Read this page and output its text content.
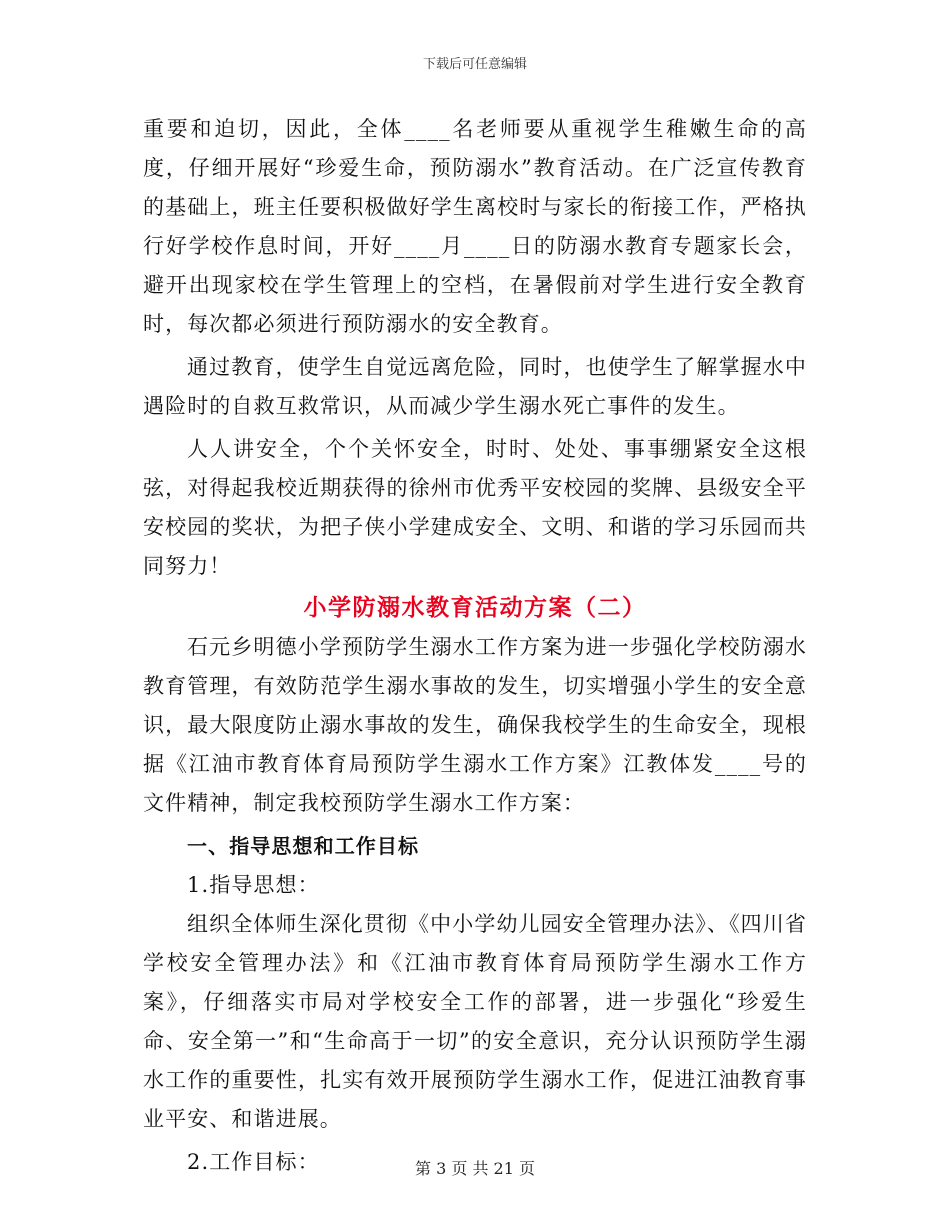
下载后可任意编辑

重要和迫切，因此，全体____名老师要从重视学生稚嫩生命的高度，仔细开展好“珍爱生命，预防溺水”教育活动。在广泛宣传教育的基础上，班主任要积极做好学生离校时与家长的衔接工作，严格执行好学校作息时间，开好____月____日的防溺水教育专题家长会，避开出现家校在学生管理上的空档，在暑假前对学生进行安全教育时，每次都必须进行预防溺水的安全教育。

通过教育，使学生自觉远离危险，同时，也使学生了解掌握水中遇险时的自救互救常识，从而减少学生溺水死亡事件的发生。

人人讲安全，个个关怀安全，时时、处处、事事绷紧安全这根弦，对得起我校近期获得的徐州市优秀平安校园的奖牌、县级安全平安校园的奖状，为把子侠小学建成安全、文明、和谐的学习乐园而共同努力！

小学防溺水教育活动方案（二）

石元乡明德小学预防学生溺水工作方案为进一步强化学校防溺水教育管理，有效防范学生溺水事故的发生，切实增强小学生的安全意识，最大限度防止溺水事故的发生，确保我校学生的生命安全，现根据《江油市教育体育局预防学生溺水工作方案》江教体发____号的文件精神，制定我校预防学生溺水工作方案：

一、指导思想和工作目标

1.指导思想：

组织全体师生深化贯彻《中小学幼儿园安全管理办法》、《四川省学校安全管理办法》和《江油市教育体育局预防学生溺水工作方案》，仔细落实市局对学校安全工作的部署，进一步强化“珍爱生命、安全第一”和“生命高于一切”的安全意识，充分认识预防学生溺水工作的重要性，扎实有效开展预防学生溺水工作，促进江油教育事业平安、和谐进展。

2.工作目标：	第 3 页 共 21 页
